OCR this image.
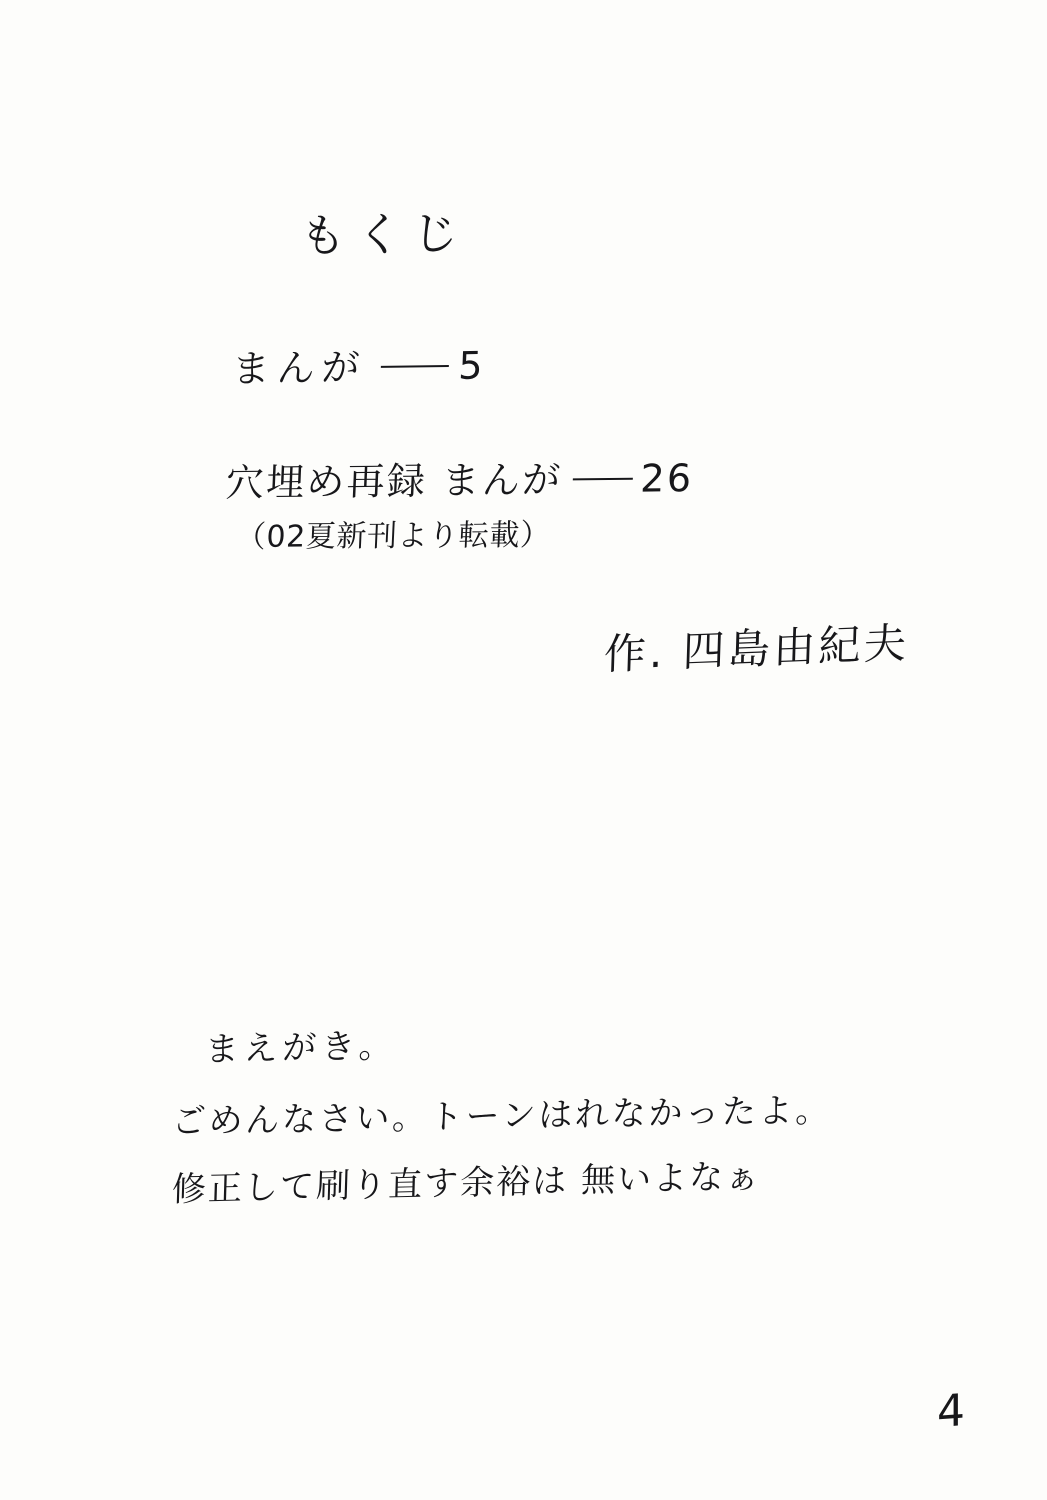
もくじ
まんが 5
穴埋め再録 まんが 26
（02夏新刊より転載）
作. 四島由紀夫
まえがき。
ごめんなさい。トーンはれなかったよ。
修正して刷り直す余裕は 無いよなぁ
4
